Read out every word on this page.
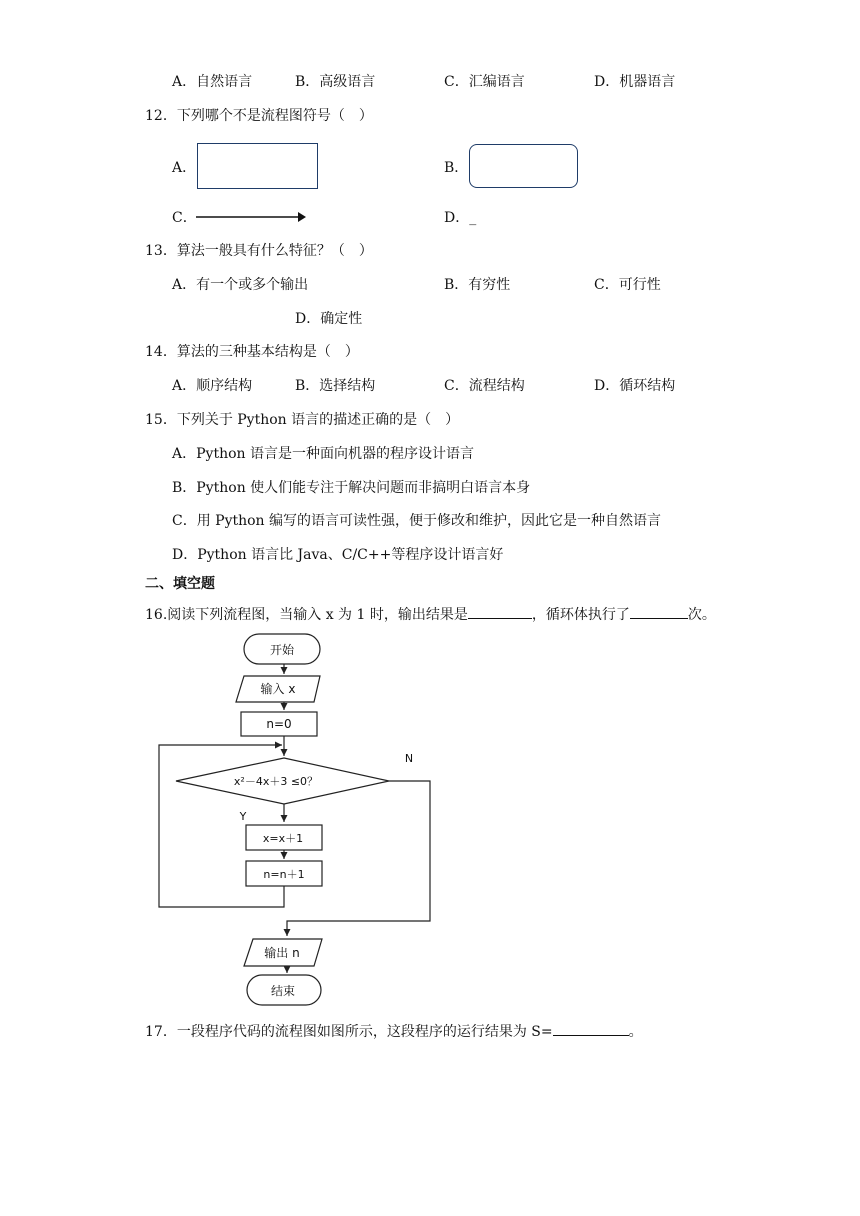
A．自然语言	B．高级语言	C．汇编语言	D．机器语言
12．下列哪个不是流程图符号（　）
A．	B．
C．	D．_
13．算法一般具有什么特征？（　）
A．有一个或多个输出	B．有穷性	C．可行性
D．确定性
14．算法的三种基本结构是（　）
A．顺序结构	B．选择结构	C．流程结构	D．循环结构
15．下列关于 Python 语言的描述正确的是（　）
A．Python 语言是一种面向机器的程序设计语言
B．Python 使人们能专注于解决问题而非搞明白语言本身
C．用 Python 编写的语言可读性强，便于修改和维护，因此它是一种自然语言
D．Python 语言比 Java、C/C++等程序设计语言好
二、填空题
16.阅读下列流程图，当输入 x 为 1 时，输出结果是	，循环体执行了	次。
开始
输入 x
n=0
x²－4x＋3 ≤0？
Y
N
x=x＋1
n=n＋1
输出 n
结束
17．一段程序代码的流程图如图所示，这段程序的运行结果为 S=	。
